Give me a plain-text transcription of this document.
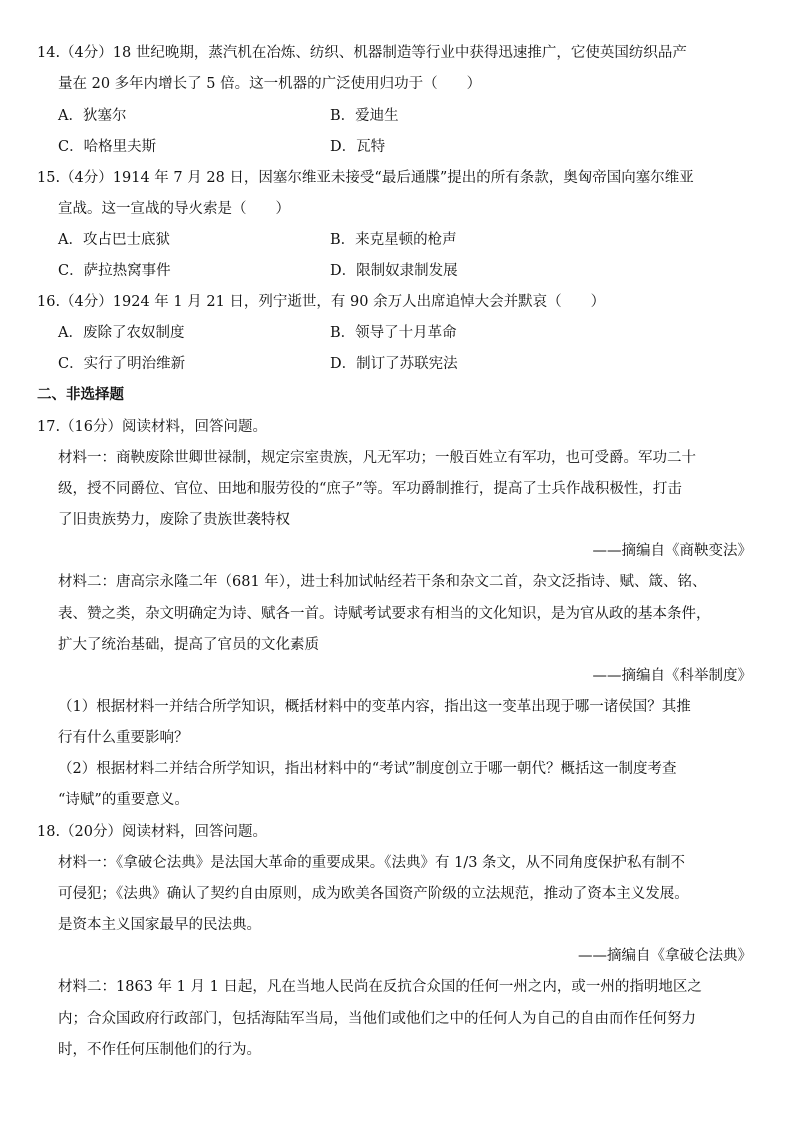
14.（4分）18 世纪晚期，蒸汽机在冶炼、纺织、机器制造等行业中获得迅速推广，它使英国纺织品产
量在 20 多年内增长了 5 倍。这一机器的广泛使用归功于（　　）
A．狄塞尔	B．爱迪生
C．哈格里夫斯	D．瓦特
15.（4分）1914 年 7 月 28 日，因塞尔维亚未接受“最后通牒”提出的所有条款，奥匈帝国向塞尔维亚
宣战。这一宣战的导火索是（　　）
A．攻占巴士底狱	B．来克星顿的枪声
C．萨拉热窝事件	D．限制奴隶制发展
16.（4分）1924 年 1 月 21 日，列宁逝世，有 90 余万人出席追悼大会并默哀（　　）
A．废除了农奴制度	B．领导了十月革命
C．实行了明治维新	D．制订了苏联宪法
二、非选择题
17.（16分）阅读材料，回答问题。
材料一：商鞅废除世卿世禄制，规定宗室贵族，凡无军功；一般百姓立有军功，也可受爵。军功二十
级，授不同爵位、官位、田地和服劳役的“庶子”等。军功爵制推行，提高了士兵作战积极性，打击
了旧贵族势力，废除了贵族世袭特权
——摘编自《商鞅变法》
材料二：唐高宗永隆二年（681 年），进士科加试帖经若干条和杂文二首，杂文泛指诗、赋、箴、铭、
表、赞之类，杂文明确定为诗、赋各一首。诗赋考试要求有相当的文化知识，是为官从政的基本条件，
扩大了统治基础，提高了官员的文化素质
——摘编自《科举制度》
（1）根据材料一并结合所学知识，概括材料中的变革内容，指出这一变革出现于哪一诸侯国？其推
行有什么重要影响？
（2）根据材料二并结合所学知识，指出材料中的“考试”制度创立于哪一朝代？概括这一制度考查
“诗赋”的重要意义。
18.（20分）阅读材料，回答问题。
材料一：《拿破仑法典》是法国大革命的重要成果。《法典》有 1/3 条文，从不同角度保护私有制不
可侵犯；《法典》确认了契约自由原则，成为欧美各国资产阶级的立法规范，推动了资本主义发展。
是资本主义国家最早的民法典。
——摘编自《拿破仑法典》
材料二：1863 年 1 月 1 日起，凡在当地人民尚在反抗合众国的任何一州之内，或一州的指明地区之
内；合众国政府行政部门，包括海陆军当局，当他们或他们之中的任何人为自己的自由而作任何努力
时，不作任何压制他们的行为。
